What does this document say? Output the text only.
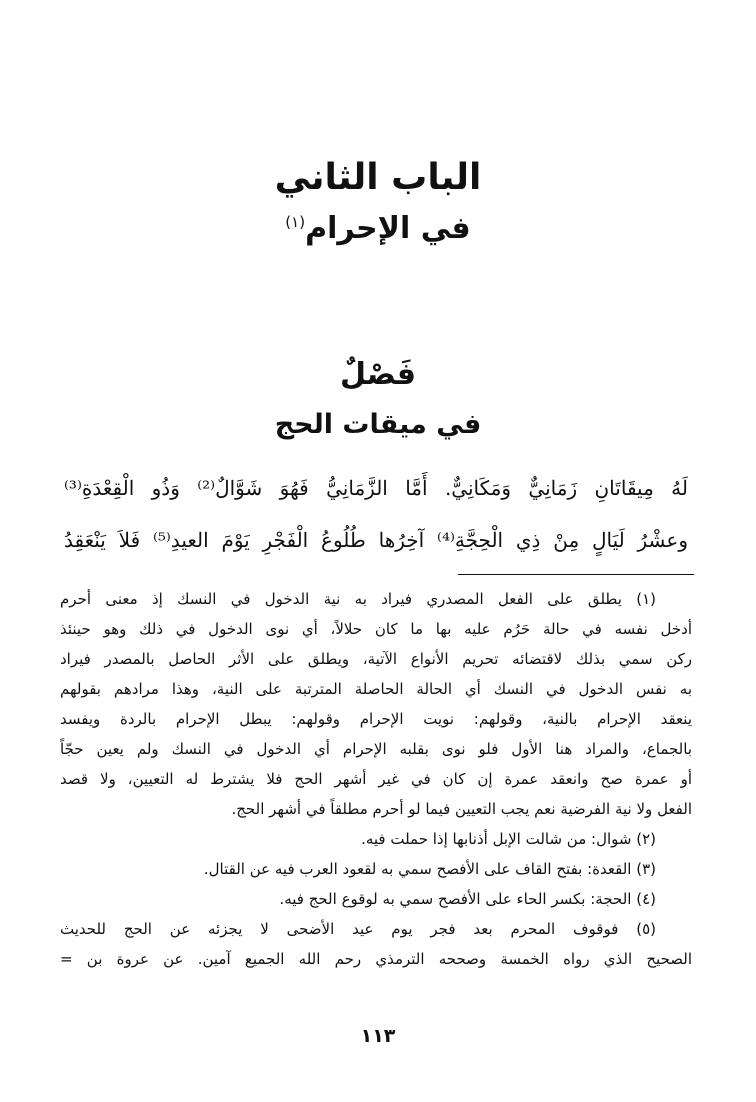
الباب الثاني
في الإحرام$^{(١)}$
فَصْلٌ
في ميقات الحج
لَهُ مِيقَاتَانِ زَمَانِيٌّ وَمَكَانِيٌّ. أَمَّا الزَّمَانِيُّ فَهُوَ شَوَّالٌ⁽²⁾ وَذُو الْقِعْدَةِ⁽³⁾
وعشْرُ لَيَالٍ مِنْ ذِي الْحِجَّةِ⁽⁴⁾ آخِرُها طُلُوعُ الْفَجْرِ يَوْمَ العيدِ⁽⁵⁾ فَلاَ يَنْعَقِدُ
(١) يطلق على الفعل المصدري فيراد به نية الدخول في النسك إذ معنى أحرم
أدخل نفسه في حالة حَرُم عليه بها ما كان حلالاً، أي نوى الدخول في ذلك وهو حينئذ
ركن سمي بذلك لاقتضائه تحريم الأنواع الآتية، ويطلق على الأثر الحاصل بالمصدر فيراد
به نفس الدخول في النسك أي الحالة الحاصلة المترتبة على النية، وهذا مرادهم بقولهم
ينعقد الإحرام بالنية، وقولهم: نويت الإحرام وقولهم: يبطل الإحرام بالردة ويفسد
بالجماع، والمراد هنا الأول فلو نوى بقلبه الإحرام أي الدخول في النسك ولم يعين حجّاً
أو عمرة صح وانعقد عمرة إن كان في غير أشهر الحج فلا يشترط له التعيين، ولا قصد
الفعل ولا نية الفرضية نعم يجب التعيين فيما لو أحرم مطلقاً في أشهر الحج.
(٢) شوال: من شالت الإبل أذنابها إذا حملت فيه.
(٣) القعدة: بفتح القاف على الأفصح سمي به لقعود العرب فيه عن القتال.
(٤) الحجة: بكسر الحاء على الأفصح سمي به لوقوع الحج فيه.
(٥) فوقوف المحرم بعد فجر يوم عيد الأضحى لا يجزئه عن الحج للحديث
الصحيح الذي رواه الخمسة وصححه الترمذي رحم الله الجميع آمين. عن عروة بن =
١١٣
